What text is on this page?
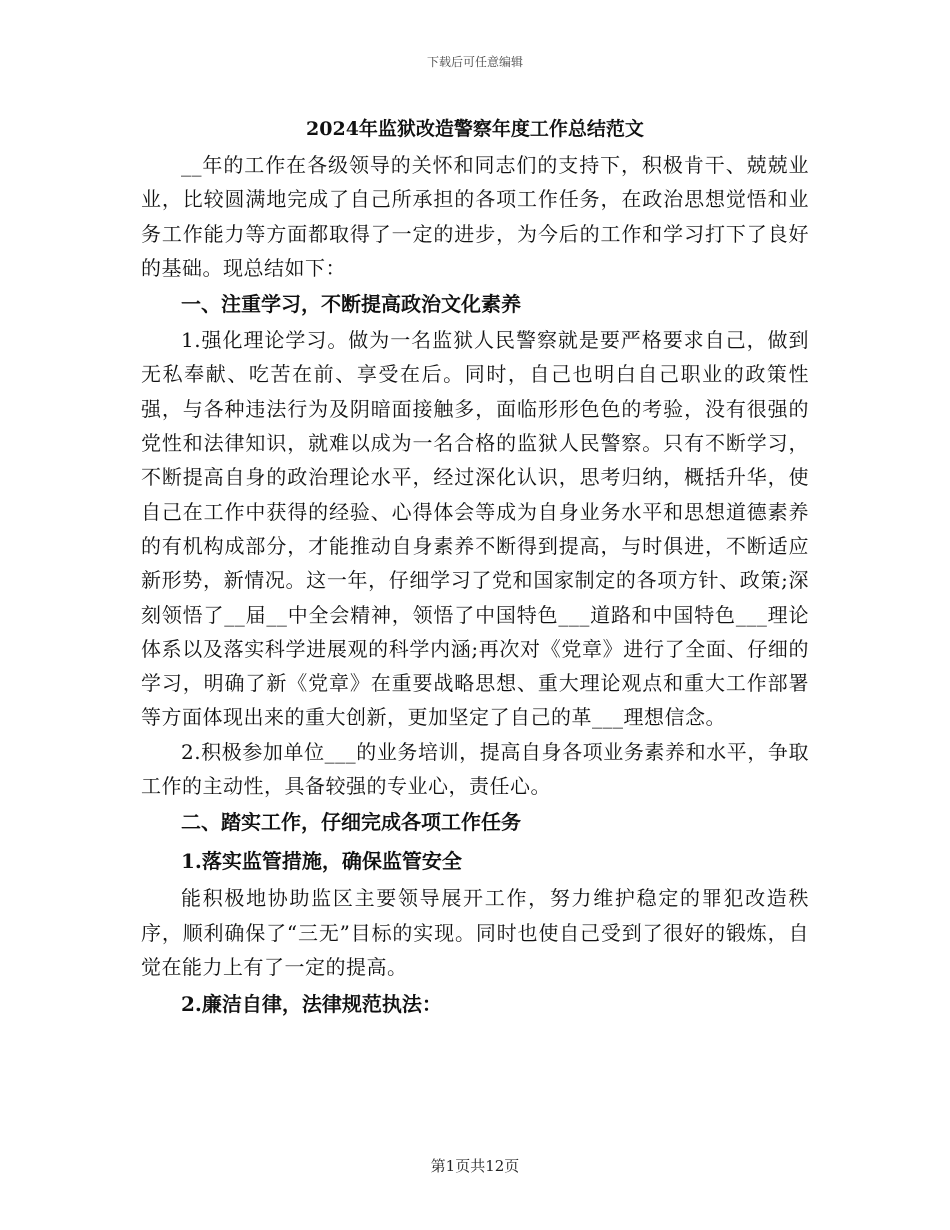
下载后可任意编辑
2024年监狱改造警察年度工作总结范文

__年的工作在各级领导的关怀和同志们的支持下，积极肯干、兢兢业业，比较圆满地完成了自己所承担的各项工作任务，在政治思想觉悟和业务工作能力等方面都取得了一定的进步，为今后的工作和学习打下了良好的基础。现总结如下：

一、注重学习，不断提高政治文化素养

1.强化理论学习。做为一名监狱人民警察就是要严格要求自己，做到无私奉献、吃苦在前、享受在后。同时，自己也明白自己职业的政策性强，与各种违法行为及阴暗面接触多，面临形形色色的考验，没有很强的党性和法律知识，就难以成为一名合格的监狱人民警察。只有不断学习，不断提高自身的政治理论水平，经过深化认识，思考归纳，概括升华，使自己在工作中获得的经验、心得体会等成为自身业务水平和思想道德素养的有机构成部分，才能推动自身素养不断得到提高，与时俱进，不断适应新形势，新情况。这一年，仔细学习了党和国家制定的各项方针、政策;深刻领悟了__届__中全会精神，领悟了中国特色___道路和中国特色___理论体系以及落实科学进展观的科学内涵;再次对《党章》进行了全面、仔细的学习，明确了新《党章》在重要战略思想、重大理论观点和重大工作部署等方面体现出来的重大创新，更加坚定了自己的革___理想信念。

2.积极参加单位___的业务培训，提高自身各项业务素养和水平，争取工作的主动性，具备较强的专业心，责任心。

二、踏实工作，仔细完成各项工作任务

1.落实监管措施，确保监管安全

能积极地协助监区主要领导展开工作，努力维护稳定的罪犯改造秩序，顺利确保了“三无”目标的实现。同时也使自己受到了很好的锻炼，自觉在能力上有了一定的提高。

2.廉洁自律，法律规范执法：

第1页共12页
